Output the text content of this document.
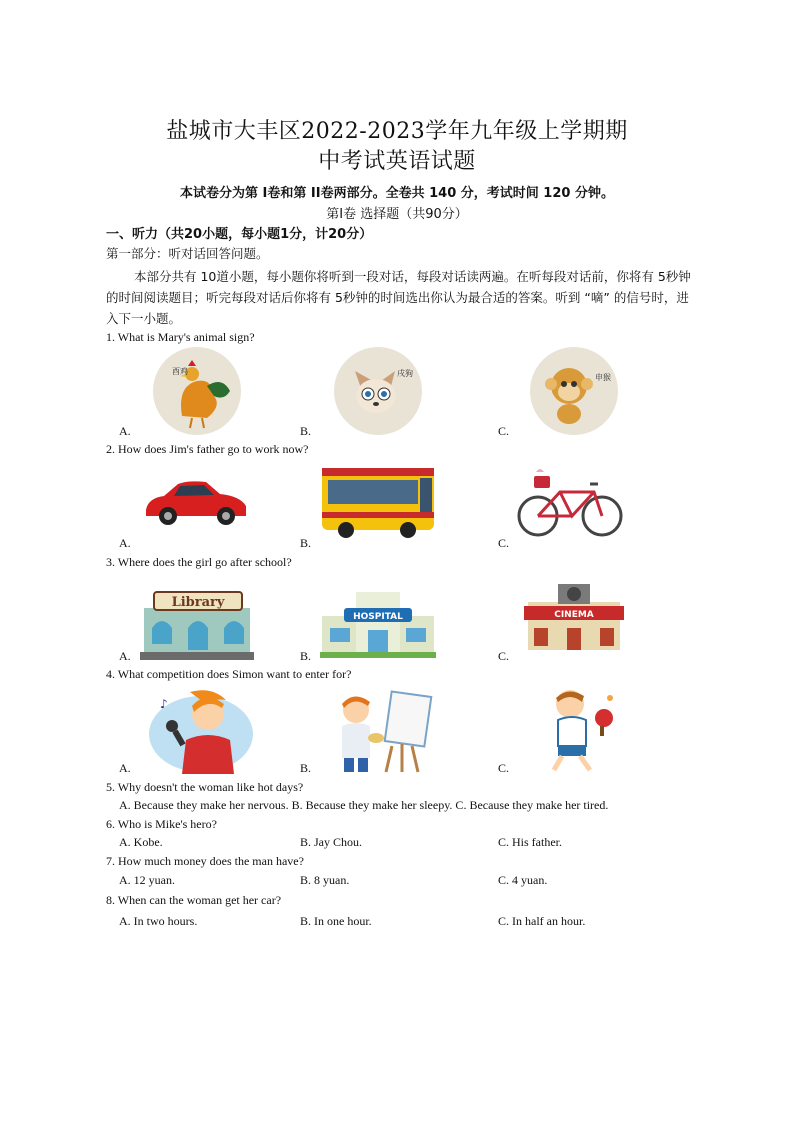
盐城市大丰区2022-2023学年九年级上学期期
中考试英语试题
本试卷分为第 I卷和第 II卷两部分。全卷共 140 分，考试时间 120 分钟。
第I卷 选择题（共90分）
一、听力（共20小题，每小题1分，计20分）
第一部分：听对话回答问题。
本部分共有 10道小题，每小题你将听到一段对话，每段对话读两遍。在听每段对话前，你将有 5秒钟的时间阅读题目；听完每段对话后你将有 5秒钟的时间选出你认为最合适的答案。听到 “嘀” 的信号时，进入下一小题。
1. What is Mary's animal sign?
A.	B.	C.
酉鸡	戌狗	申猴
2. How does Jim's father go to work now?
A.	B.	C.
3. Where does the girl go after school?
A.	B.	C.
Library
HOSPITAL	CINEMA
4. What competition does Simon want to enter for?
A.	B.	C.
♪
5. Why doesn't the woman like hot days?
A. Because they make her nervous. B. Because they make her sleepy. C. Because they make her tired.
6. Who is Mike's hero?
A. Kobe.	B. Jay Chou.	C. His father.
7. How much money does the man have?
A. 12 yuan.	B. 8 yuan.	C. 4 yuan.
8. When can the woman get her car?
A. In two hours.	B. In one hour.	C. In half an hour.
